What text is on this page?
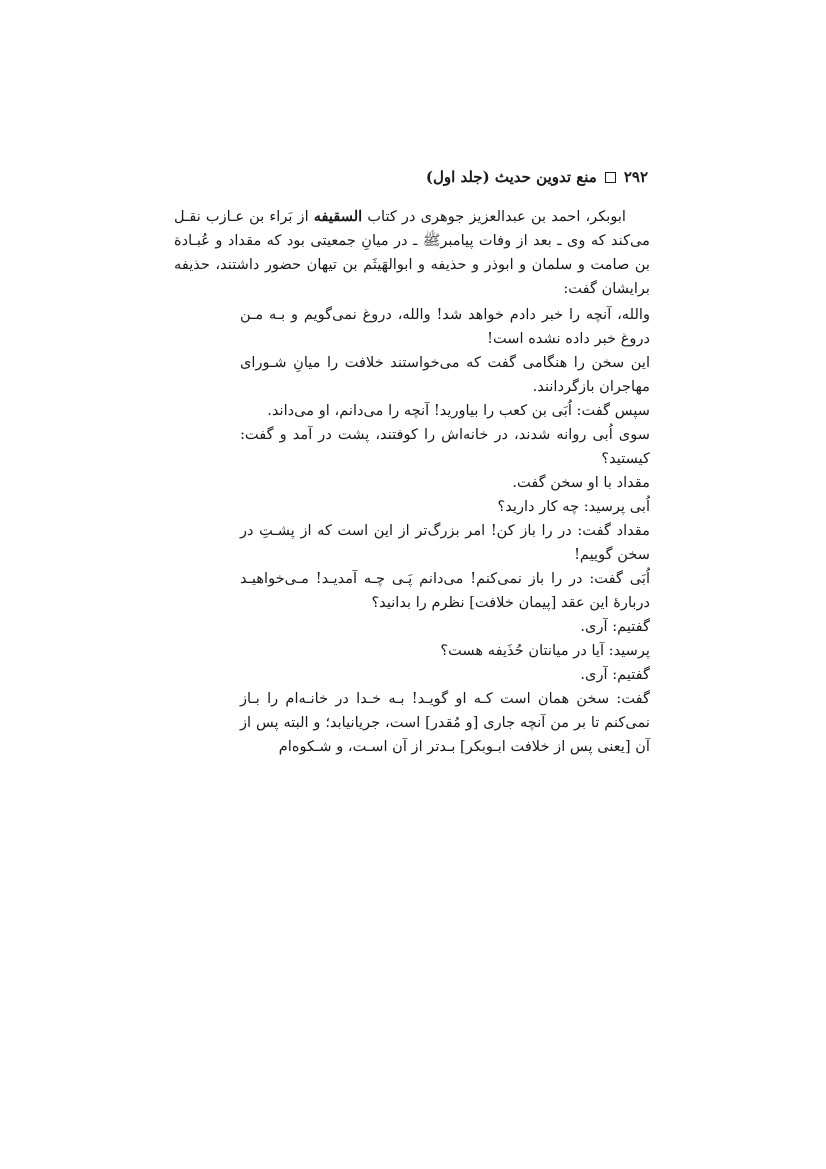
۲۹۲
منع تدوین حدیث (جلد اول)

ابوبکر، احمد بن عبدالعزیز جوهری در کتاب السقیفه از بَراء بن عـازب نقـل می‌کند که وی ـ بعد از وفات پیامبرﷺ ـ در میانِ جمعیتی بود که مقداد و عُبـادة بن صامت و سلمان و ابوذر و حذیفه و ابوالهَیثَم بن تیهان حضور داشتند، حذیفه برایشان گفت:

والله، آنچه را خبر دادم خواهد شد! والله، دروغ نمی‌گویم و بـه مـن دروغ خبر داده نشده است!

این سخن را هنگامی گفت که می‌خواستند خلافت را میانِ شـورای مهاجران بازگردانند.

سپس گفت: اُبَی بن کعب را بیاورید! آنچه را می‌دانم، او می‌داند.

سوی اُبی روانه شدند، در خانه‌اش را کوفتند، پشت در آمد و گفت: کیستید؟

مقداد با او سخن گفت.

اُبی پرسید: چه کار دارید؟

مقداد گفت: در را باز کن! امر بزرگ‌تر از این است که از پشـتِ در سخن گوییم!

اُبَی گفت: در را باز نمی‌کنم! می‌دانم پَـی چـه آمدیـد! مـی‌خواهیـد دربارۀ این عقد [پیمان خلافت] نظرم را بدانید؟

گفتیم: آری.

پرسید: آیا در میانتان حُذَیفه هست؟

گفتیم: آری.

گفت: سخن همان است کـه او گویـد! بـه خـدا در خانـه‌ام را بـاز نمی‌کنم تا بر من آنچه جاری [و مُقدر] است، جریانیابد؛ و البته پس از آن [یعنی پس از خلافت ابـوبکر] بـدتر از آن اسـت، و شـکوه‌ام
